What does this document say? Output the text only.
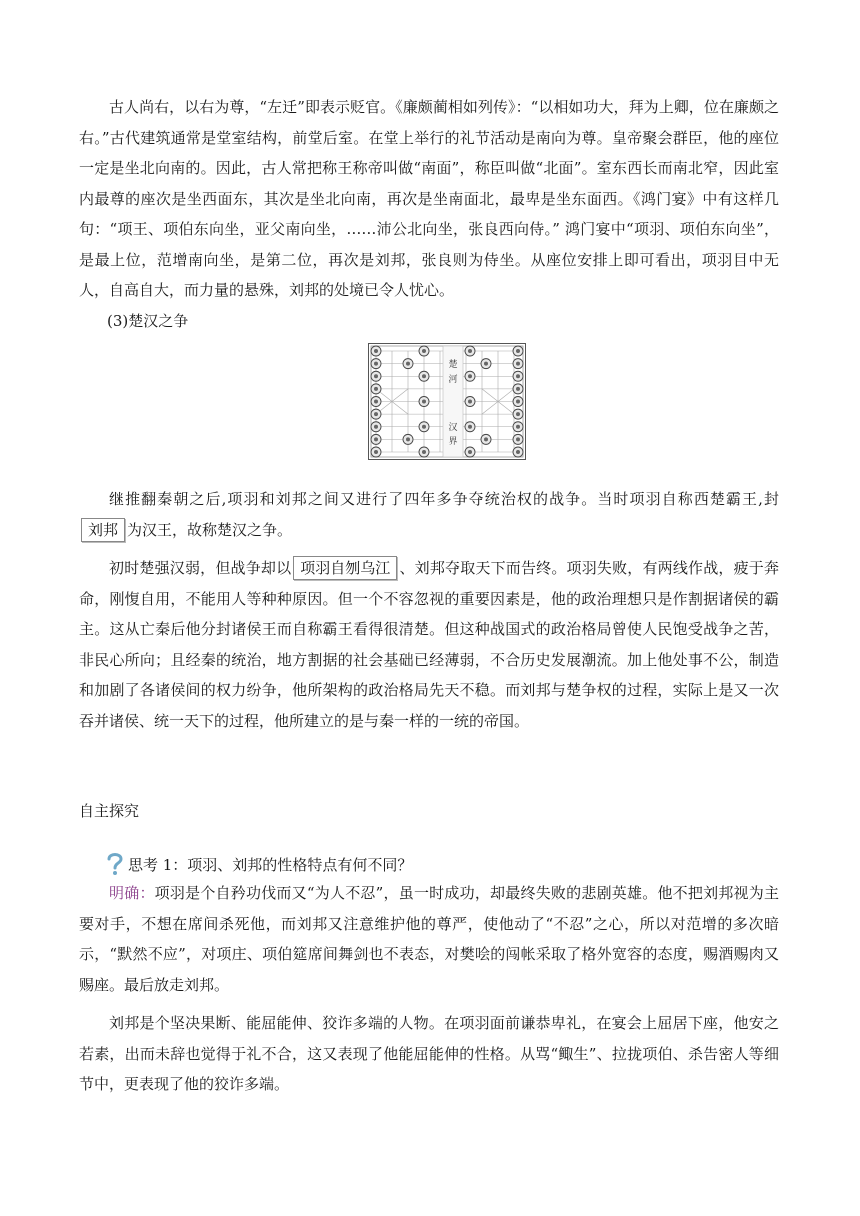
古人尚右，以右为尊，“左迁”即表示贬官。《廉颇蔺相如列传》：“以相如功大，拜为上卿，位在廉颇之右。”古代建筑通常是堂室结构，前堂后室。在堂上举行的礼节活动是南向为尊。皇帝聚会群臣，他的座位一定是坐北向南的。因此，古人常把称王称帝叫做“南面”，称臣叫做“北面”。室东西长而南北窄，因此室内最尊的座次是坐西面东，其次是坐北向南，再次是坐南面北，最卑是坐东面西。《鸿门宴》中有这样几句：“项王、项伯东向坐，亚父南向坐，……沛公北向坐，张良西向侍。” 鸿门宴中“项羽、项伯东向坐”，是最上位，范增南向坐，是第二位，再次是刘邦，张良则为侍坐。从座位安排上即可看出，项羽目中无人，自高自大，而力量的悬殊，刘邦的处境已令人忧心。

(3)楚汉之争

楚
河
汉
界

继推翻秦朝之后,项羽和刘邦之间又进行了四年多争夺统治权的战争。当时项羽自称西楚霸王,封刘邦 为汉王，故称楚汉之争。

初时楚强汉弱，但战争却以 项羽自刎乌江 、刘邦夺取天下而告终。项羽失败，有两线作战，疲于奔命，刚愎自用，不能用人等种种原因。但一个不容忽视的重要因素是，他的政治理想只是作割据诸侯的霸主。这从亡秦后他分封诸侯王而自称霸王看得很清楚。但这种战国式的政治格局曾使人民饱受战争之苦，非民心所向；且经秦的统治，地方割据的社会基础已经薄弱，不合历史发展潮流。加上他处事不公，制造和加剧了各诸侯间的权力纷争，他所架构的政治格局先天不稳。而刘邦与楚争权的过程，实际上是又一次吞并诸侯、统一天下的过程，他所建立的是与秦一样的一统的帝国。

自主探究

思考 1：项羽、刘邦的性格特点有何不同？

明确：项羽是个自矜功伐而又“为人不忍”，虽一时成功，却最终失败的悲剧英雄。他不把刘邦视为主要对手，不想在席间杀死他，而刘邦又注意维护他的尊严，使他动了“不忍”之心，所以对范增的多次暗示，“默然不应”，对项庄、项伯筵席间舞剑也不表态，对樊哙的闯帐采取了格外宽容的态度，赐酒赐肉又赐座。最后放走刘邦。

刘邦是个坚决果断、能屈能伸、狡诈多端的人物。在项羽面前谦恭卑礼，在宴会上屈居下座，他安之若素，出而未辞也觉得于礼不合，这又表现了他能屈能伸的性格。从骂“鲰生”、拉拢项伯、杀告密人等细节中，更表现了他的狡诈多端。
